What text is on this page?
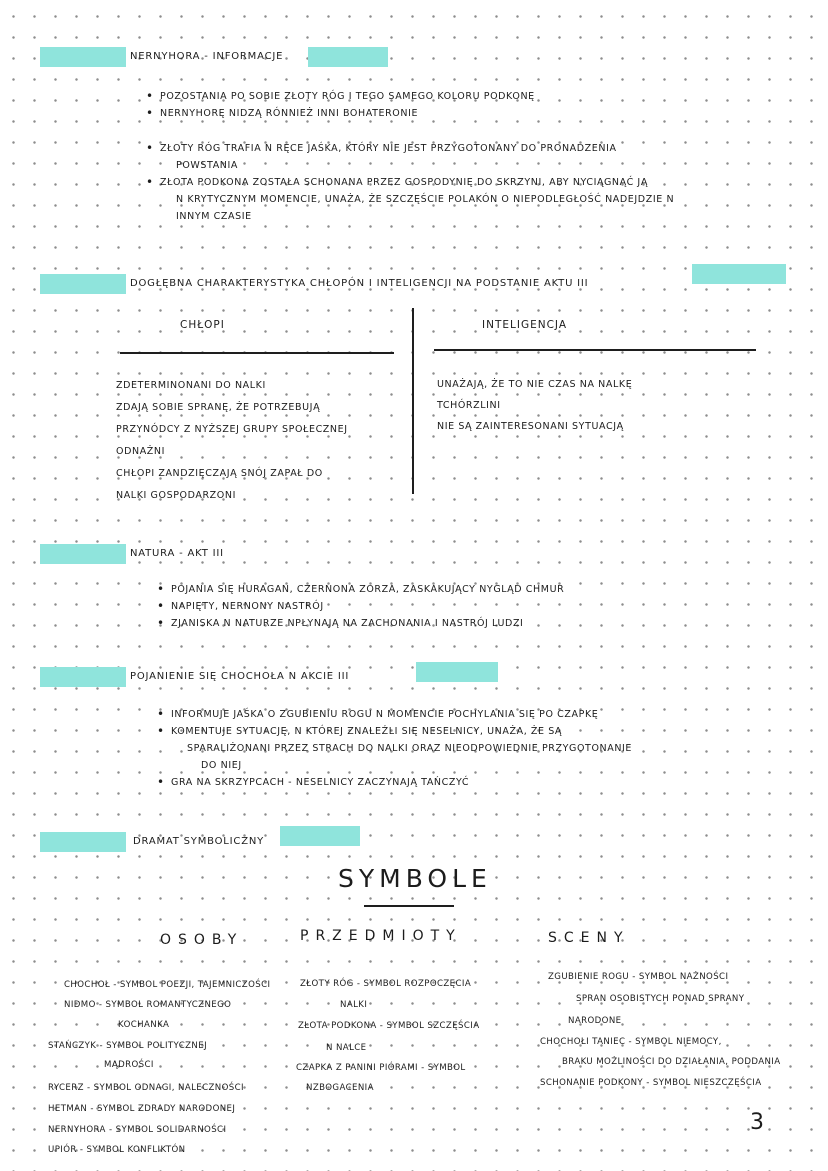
NERNYHORA - INFORMACJE
• POZOSTANIA PO SOBIE ZŁOTY RÓG I TEGO SAMEGO KOLORU PODKONĘ
• NERNYHORĘ NIDZĄ RÓNNIEŻ INNI BOHATERONIE
• ZŁOTY RÓG TRAFIA N RĘCE JAŚKA, KTÓRY NIE JEST PRZYGOTONANY DO PRONADZENIA
POWSTANIA
• ZŁOTA PODKONA ZOSTAŁA SCHONANA PRZEZ GOSPODYNIĘ DO SKRZYNI, ABY NYCIĄGNĄĆ JĄ
N KRYTYCZNYM MOMENCIE, UNAŻA, ŻE SZCZĘŚCIE POLAKÓN O NIEPODLEGŁOŚĆ NADEJDZIE N
INNYM CZASIE
DOGŁĘBNA CHARAKTERYSTYKA CHŁOPÓN I INTELIGENCJI NA PODSTANIE AKTU III
CHŁOPI	INTELIGENCJA
ZDETERMINONANI DO NALKI
ZDAJĄ SOBIE SPRANĘ, ŻE POTRZEBUJĄ
PRZYNÓDCY Z NYŻSZEJ GRUPY SPOŁECZNEJ
ODNAŻNI
CHŁOPI ZANDZIĘCZAJĄ SNÓJ ZAPAŁ DO
NALKI GOSPODARZONI
UNAŻAJĄ, ŻE TO NIE CZAS NA NALKĘ
TCHÓRZLINI
NIE SĄ ZAINTERESONANI SYTUACJĄ
NATURA - AKT III
• POJANIA SIĘ HURAGAN, CZERNONA ZORZA, ZASKAKUJĄCY NYGLĄD CHMUR
• NAPIĘTY, NERNONY NASTRÓJ
• ZJANISKA N NATURZE NPŁYNAJĄ NA ZACHONANIA I NASTRÓJ LUDZI
POJANIENIE SIĘ CHOCHOŁA N AKCIE III
• INFORMUJE JAŚKA O ZGUBIENIU ROGU N MOMENCIE POCHYLANIA SIĘ PO CZAPKĘ
• KOMENTUJE SYTUACJĘ, N KTÓREJ ZNALEŹLI SIĘ NESELNICY, UNAŻA, ŻE SĄ
SPARALIŻONANI PRZEZ STRACH DO NALKI ORAZ NIEODPOWIEDNIE PRZYGOTONANIE
DO NIEJ
• GRA NA SKRZYPCACH - NESELNICY ZACZYNAJĄ TAŃCZYĆ
DRAMAT SYMBOLICZNY
SYMBOLE
OSOBY	PRZEDMIOTY	SCENY
CHOCHOŁ - SYMBOL POEZJI, TAJEMNICZOŚCI
NIDMO - SYMBOL ROMANTYCZNEGO
KOCHANKA
STAŃCZYK - SYMBOL POLITYCZNEJ
MĄDROŚCI
RYCERZ - SYMBOL ODNAGI, NALECZNOŚCI
HETMAN - SYMBOL ZDRADY NARODONEJ
NERNYHORA - SYMBOL SOLIDARNOŚCI
UPIÓR - SYMBOL KONFLIKTÓN
ZŁOTY RÓG - SYMBOL ROZPOCZĘCIA
NALKI
ZŁOTA PODKONA - SYMBOL SZCZĘŚCIA
N NALCE
CZAPKA Z PANINI PIÓRAMI - SYMBOL
NZBOGACENIA
ZGUBIENIE ROGU - SYMBOL NAŻNOŚCI
SPRAN OSOBISTYCH PONAD SPRANY
NARODONE
CHOCHOŁI TANIEC - SYMBOL NIEMOCY,
BRAKU MOŻLINOŚCI DO DZIAŁANIA, PODDANIA
SCHONANIE PODKONY - SYMBOL NIESZCZĘŚCIA
3
